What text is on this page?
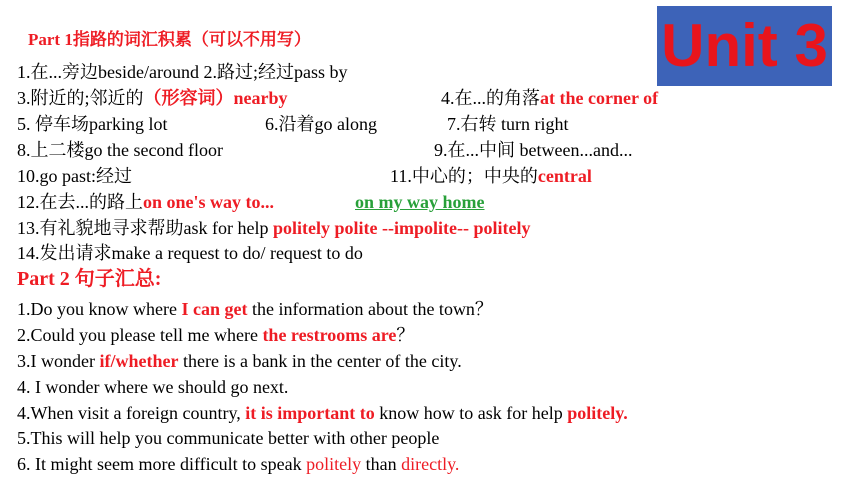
Unit 3
Part 1指路的词汇积累（可以不用写）
1.在...旁边beside/around 2.路过;经过pass by
3.附近的;邻近的（形容词）nearby	4.在...的角落at the corner of
5. 停车场parking lot	6.沿着go along	7.右转 turn right
8.上二楼go the second floor	9.在...中间 between...and...
10.go past:经过	11.中心的；中央的central
12.在去...的路上on one's way to...	on my way home
13.有礼貌地寻求帮助ask for help politely polite --impolite-- politely
14.发出请求make a request to do/ request to do
Part 2 句子汇总:
1.Do you know where I can get the information about the town？
2.Could you please tell me where the restrooms are？
3.I wonder if/whether there is a bank in the center of the city.
4. I wonder where we should go next.
4.When visit a foreign country, it is important to know how to ask for help politely.
5.This will help you communicate better with other people
6. It might seem more difficult to speak politely than directly.
